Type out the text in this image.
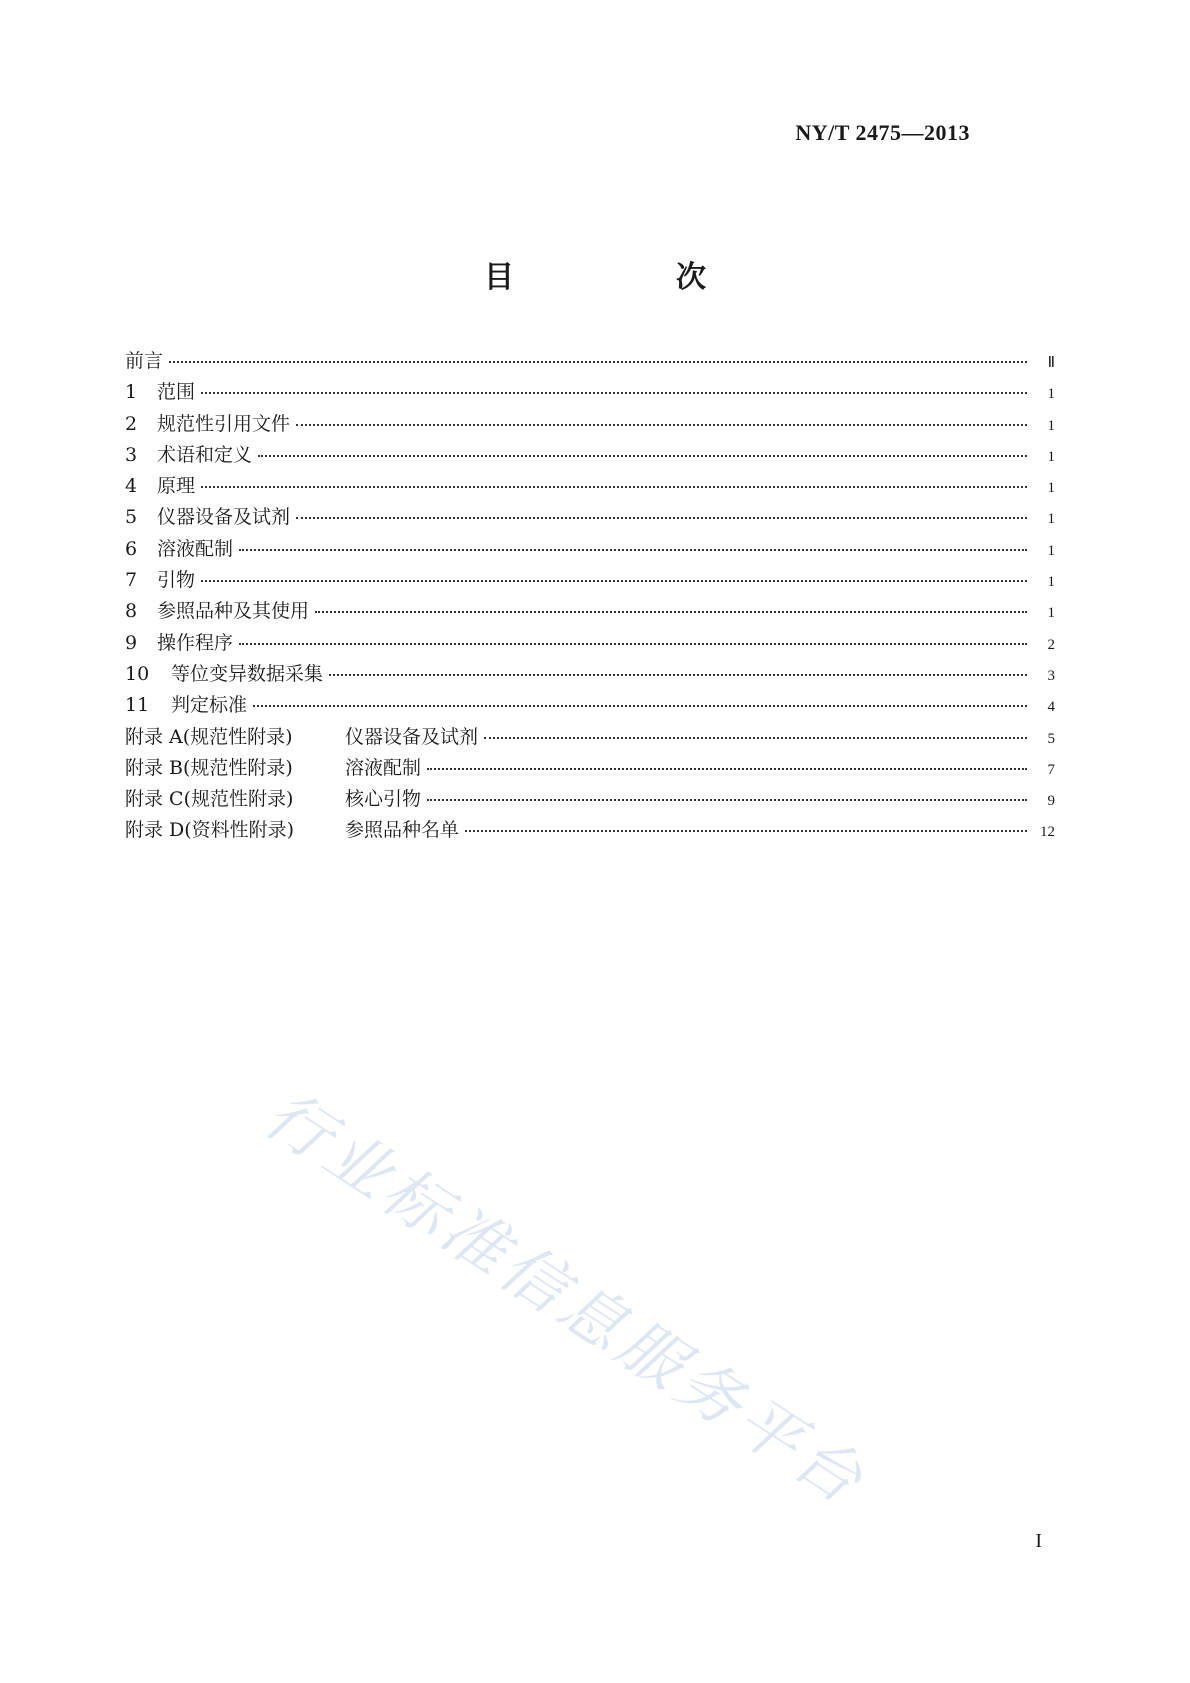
NY/T 2475—2013
目　次
前言	Ⅱ
1	范围	1
2	规范性引用文件	1
3	术语和定义	1
4	原理	1
5	仪器设备及试剂	1
6	溶液配制	1
7	引物	1
8	参照品种及其使用	1
9	操作程序	2
10	等位变异数据采集	3
11	判定标准	4
附录 A(规范性附录)	仪器设备及试剂	5
附录 B(规范性附录)	溶液配制	7
附录 C(规范性附录)	核心引物	9
附录 D(资料性附录)	参照品种名单	12
行业标准信息服务平台
I
